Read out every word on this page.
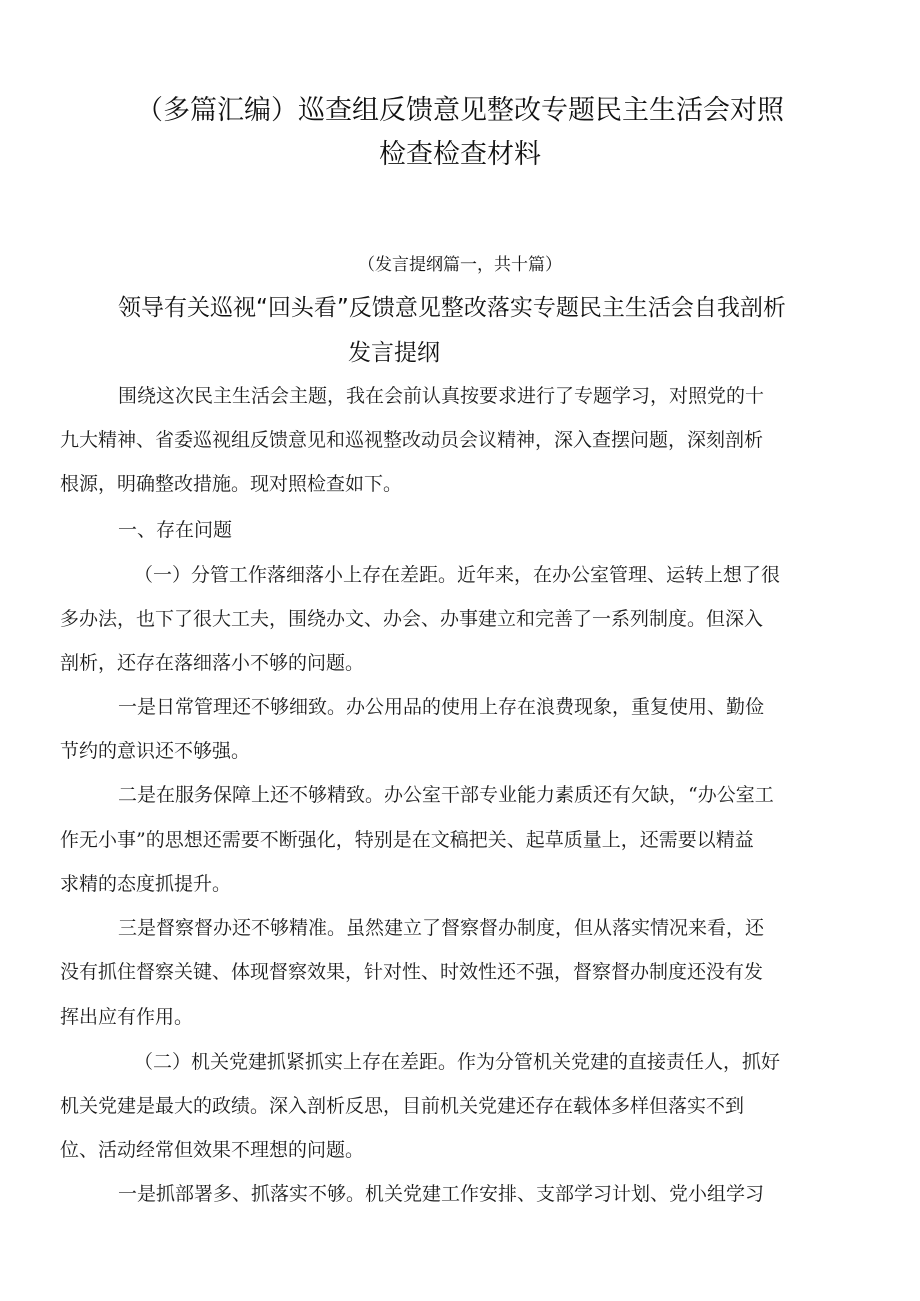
（多篇汇编）巡查组反馈意见整改专题民主生活会对照
检查检查材料
（发言提纲篇一，共十篇）
领导有关巡视“回头看”反馈意见整改落实专题民主生活会自我剖析
发言提纲
围绕这次民主生活会主题，我在会前认真按要求进行了专题学习，对照党的十
九大精神、省委巡视组反馈意见和巡视整改动员会议精神，深入查摆问题，深刻剖析
根源，明确整改措施。现对照检查如下。
一、存在问题
（一）分管工作落细落小上存在差距。近年来，在办公室管理、运转上想了很
多办法，也下了很大工夫，围绕办文、办会、办事建立和完善了一系列制度。但深入
剖析，还存在落细落小不够的问题。
一是日常管理还不够细致。办公用品的使用上存在浪费现象，重复使用、勤俭
节约的意识还不够强。
二是在服务保障上还不够精致。办公室干部专业能力素质还有欠缺，“办公室工
作无小事”的思想还需要不断强化，特别是在文稿把关、起草质量上，还需要以精益
求精的态度抓提升。
三是督察督办还不够精准。虽然建立了督察督办制度，但从落实情况来看，还
没有抓住督察关键、体现督察效果，针对性、时效性还不强，督察督办制度还没有发
挥出应有作用。
（二）机关党建抓紧抓实上存在差距。作为分管机关党建的直接责任人，抓好
机关党建是最大的政绩。深入剖析反思，目前机关党建还存在载体多样但落实不到
位、活动经常但效果不理想的问题。
一是抓部署多、抓落实不够。机关党建工作安排、支部学习计划、党小组学习
